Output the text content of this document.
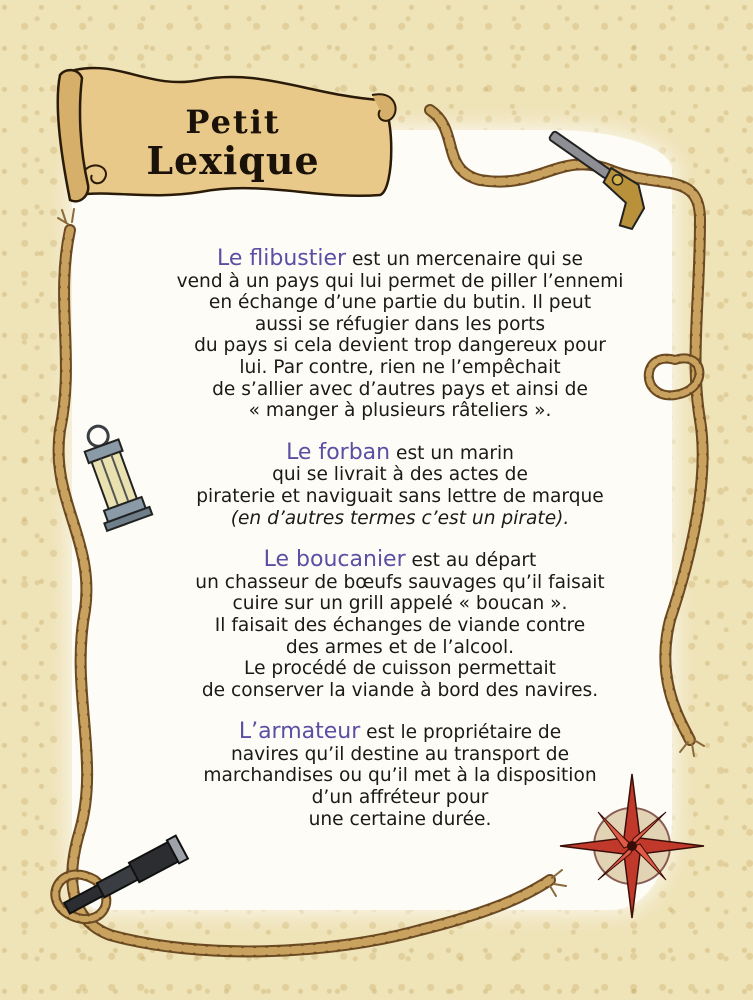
Petit
Lexique

Le flibustier est un mercenaire qui se

vend à un pays qui lui permet de piller l’ennemi

en échange d’une partie du butin. Il peut

aussi se réfugier dans les ports

du pays si cela devient trop dangereux pour

lui. Par contre, rien ne l’empêchait

de s’allier avec d’autres pays et ainsi de

« manger à plusieurs râteliers ».

Le forban est un marin

qui se livrait à des actes de

piraterie et naviguait sans lettre de marque

(en d’autres termes c’est un pirate).

Le boucanier est au départ

un chasseur de bœufs sauvages qu’il faisait

cuire sur un grill appelé « boucan ».

Il faisait des échanges de viande contre

des armes et de l’alcool.

Le procédé de cuisson permettait

de conserver la viande à bord des navires.

L’armateur est le propriétaire de

navires qu’il destine au transport de

marchandises ou qu’il met à la disposition

d’un affréteur pour

une certaine durée.
